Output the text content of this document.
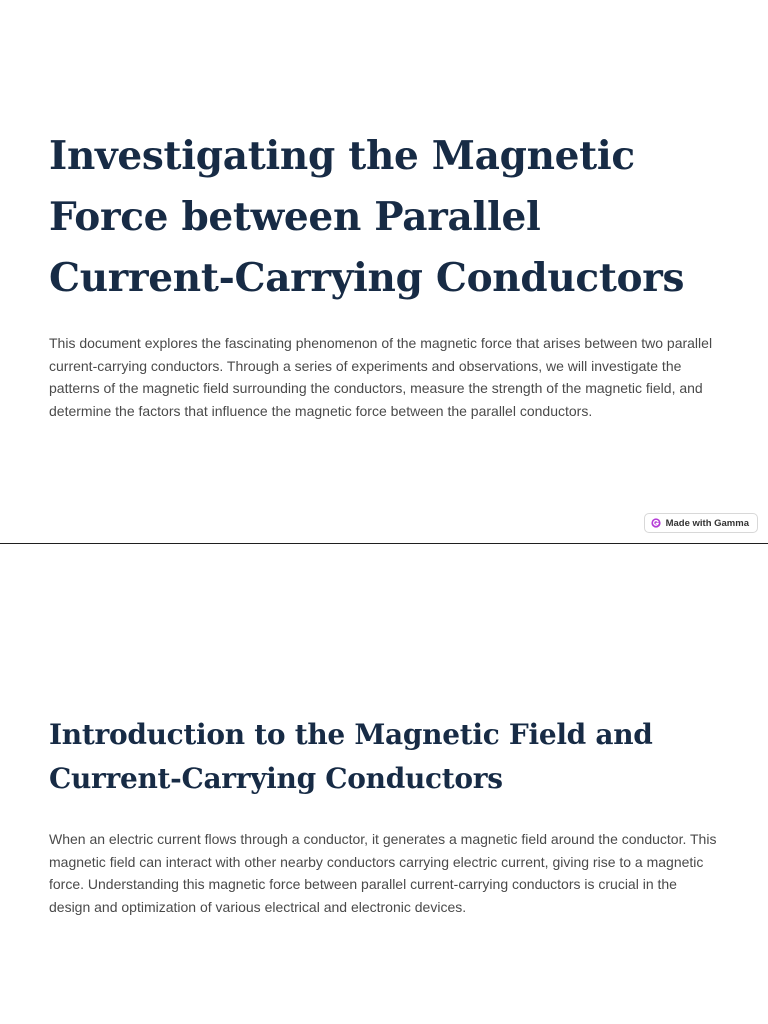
Investigating the Magnetic Force between Parallel Current-Carrying Conductors

This document explores the fascinating phenomenon of the magnetic force that arises between two parallel current-carrying conductors. Through a series of experiments and observations, we will investigate the patterns of the magnetic field surrounding the conductors, measure the strength of the magnetic field, and determine the factors that influence the magnetic force between the parallel conductors.

Made with Gamma
Introduction to the Magnetic Field and Current-Carrying Conductors

When an electric current flows through a conductor, it generates a magnetic field around the conductor. This magnetic field can interact with other nearby conductors carrying electric current, giving rise to a magnetic force. Understanding this magnetic force between parallel current-carrying conductors is crucial in the design and optimization of various electrical and electronic devices.
